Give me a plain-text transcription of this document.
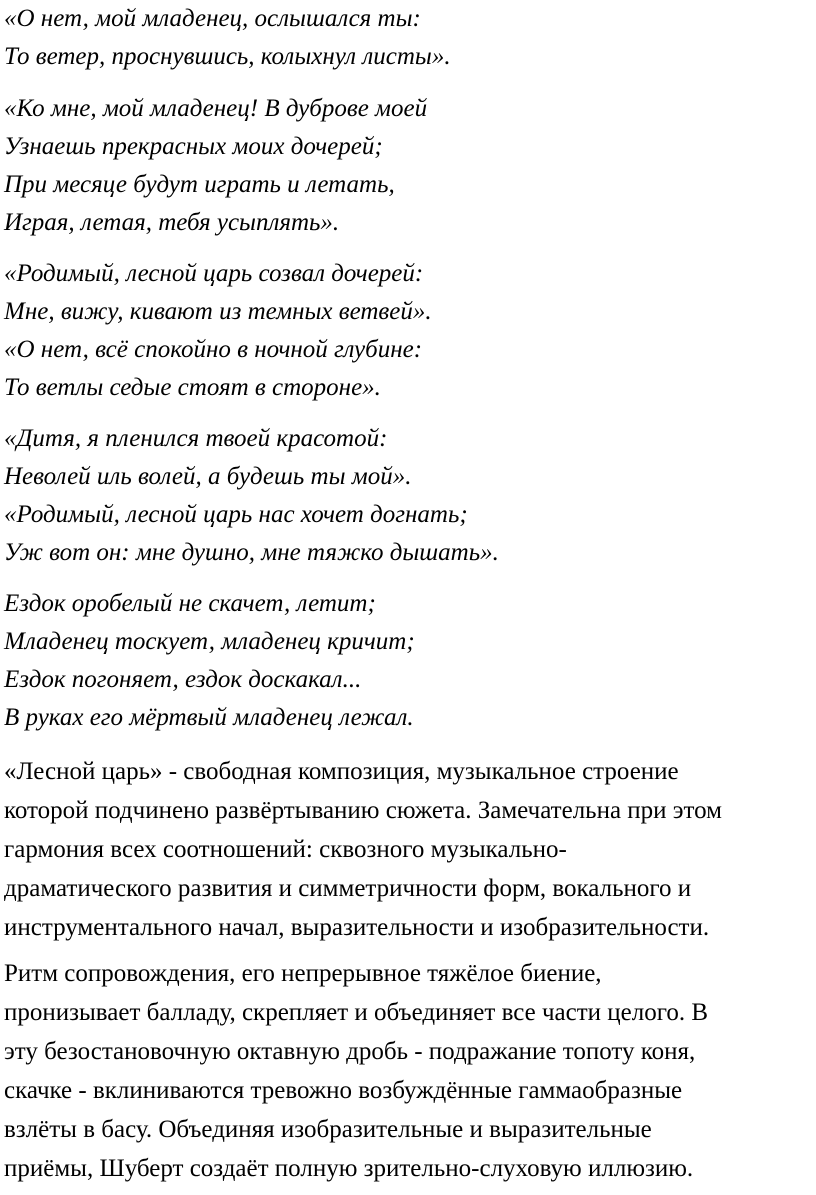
«О нет, мой младенец, ослышался ты:
То ветер, проснувшись, колыхнул листы».
«Ко мне, мой младенец! В дуброве моей
Узнаешь прекрасных моих дочерей;
При месяце будут играть и летать,
Играя, летая, тебя усыплять».
«Родимый, лесной царь созвал дочерей:
Мне, вижу, кивают из темных ветвей».
«О нет, всё спокойно в ночной глубине:
То ветлы седые стоят в стороне».
«Дитя, я пленился твоей красотой:
Неволей иль волей, а будешь ты мой».
«Родимый, лесной царь нас хочет догнать;
Уж вот он: мне душно, мне тяжко дышать».
Ездок оробелый не скачет, летит;
Младенец тоскует, младенец кричит;
Ездок погоняет, ездок доскакал...
В руках его мёртвый младенец лежал.
«Лесной царь» - свободная композиция, музыкальное строение
которой подчинено развёртыванию сюжета. Замечательна при этом
гармония всех соотношений: сквозного музыкально-
драматического развития и симметричности форм, вокального и
инструментального начал, выразительности и изобразительности.
Ритм сопровождения, его непрерывное тяжёлое биение,
пронизывает балладу, скрепляет и объединяет все части целого. В
эту безостановочную октавную дробь - подражание топоту коня,
скачке - вклиниваются тревожно возбуждённые гаммаобразные
взлёты в басу. Объединяя изобразительные и выразительные
приёмы, Шуберт создаёт полную зрительно-слуховую иллюзию.
